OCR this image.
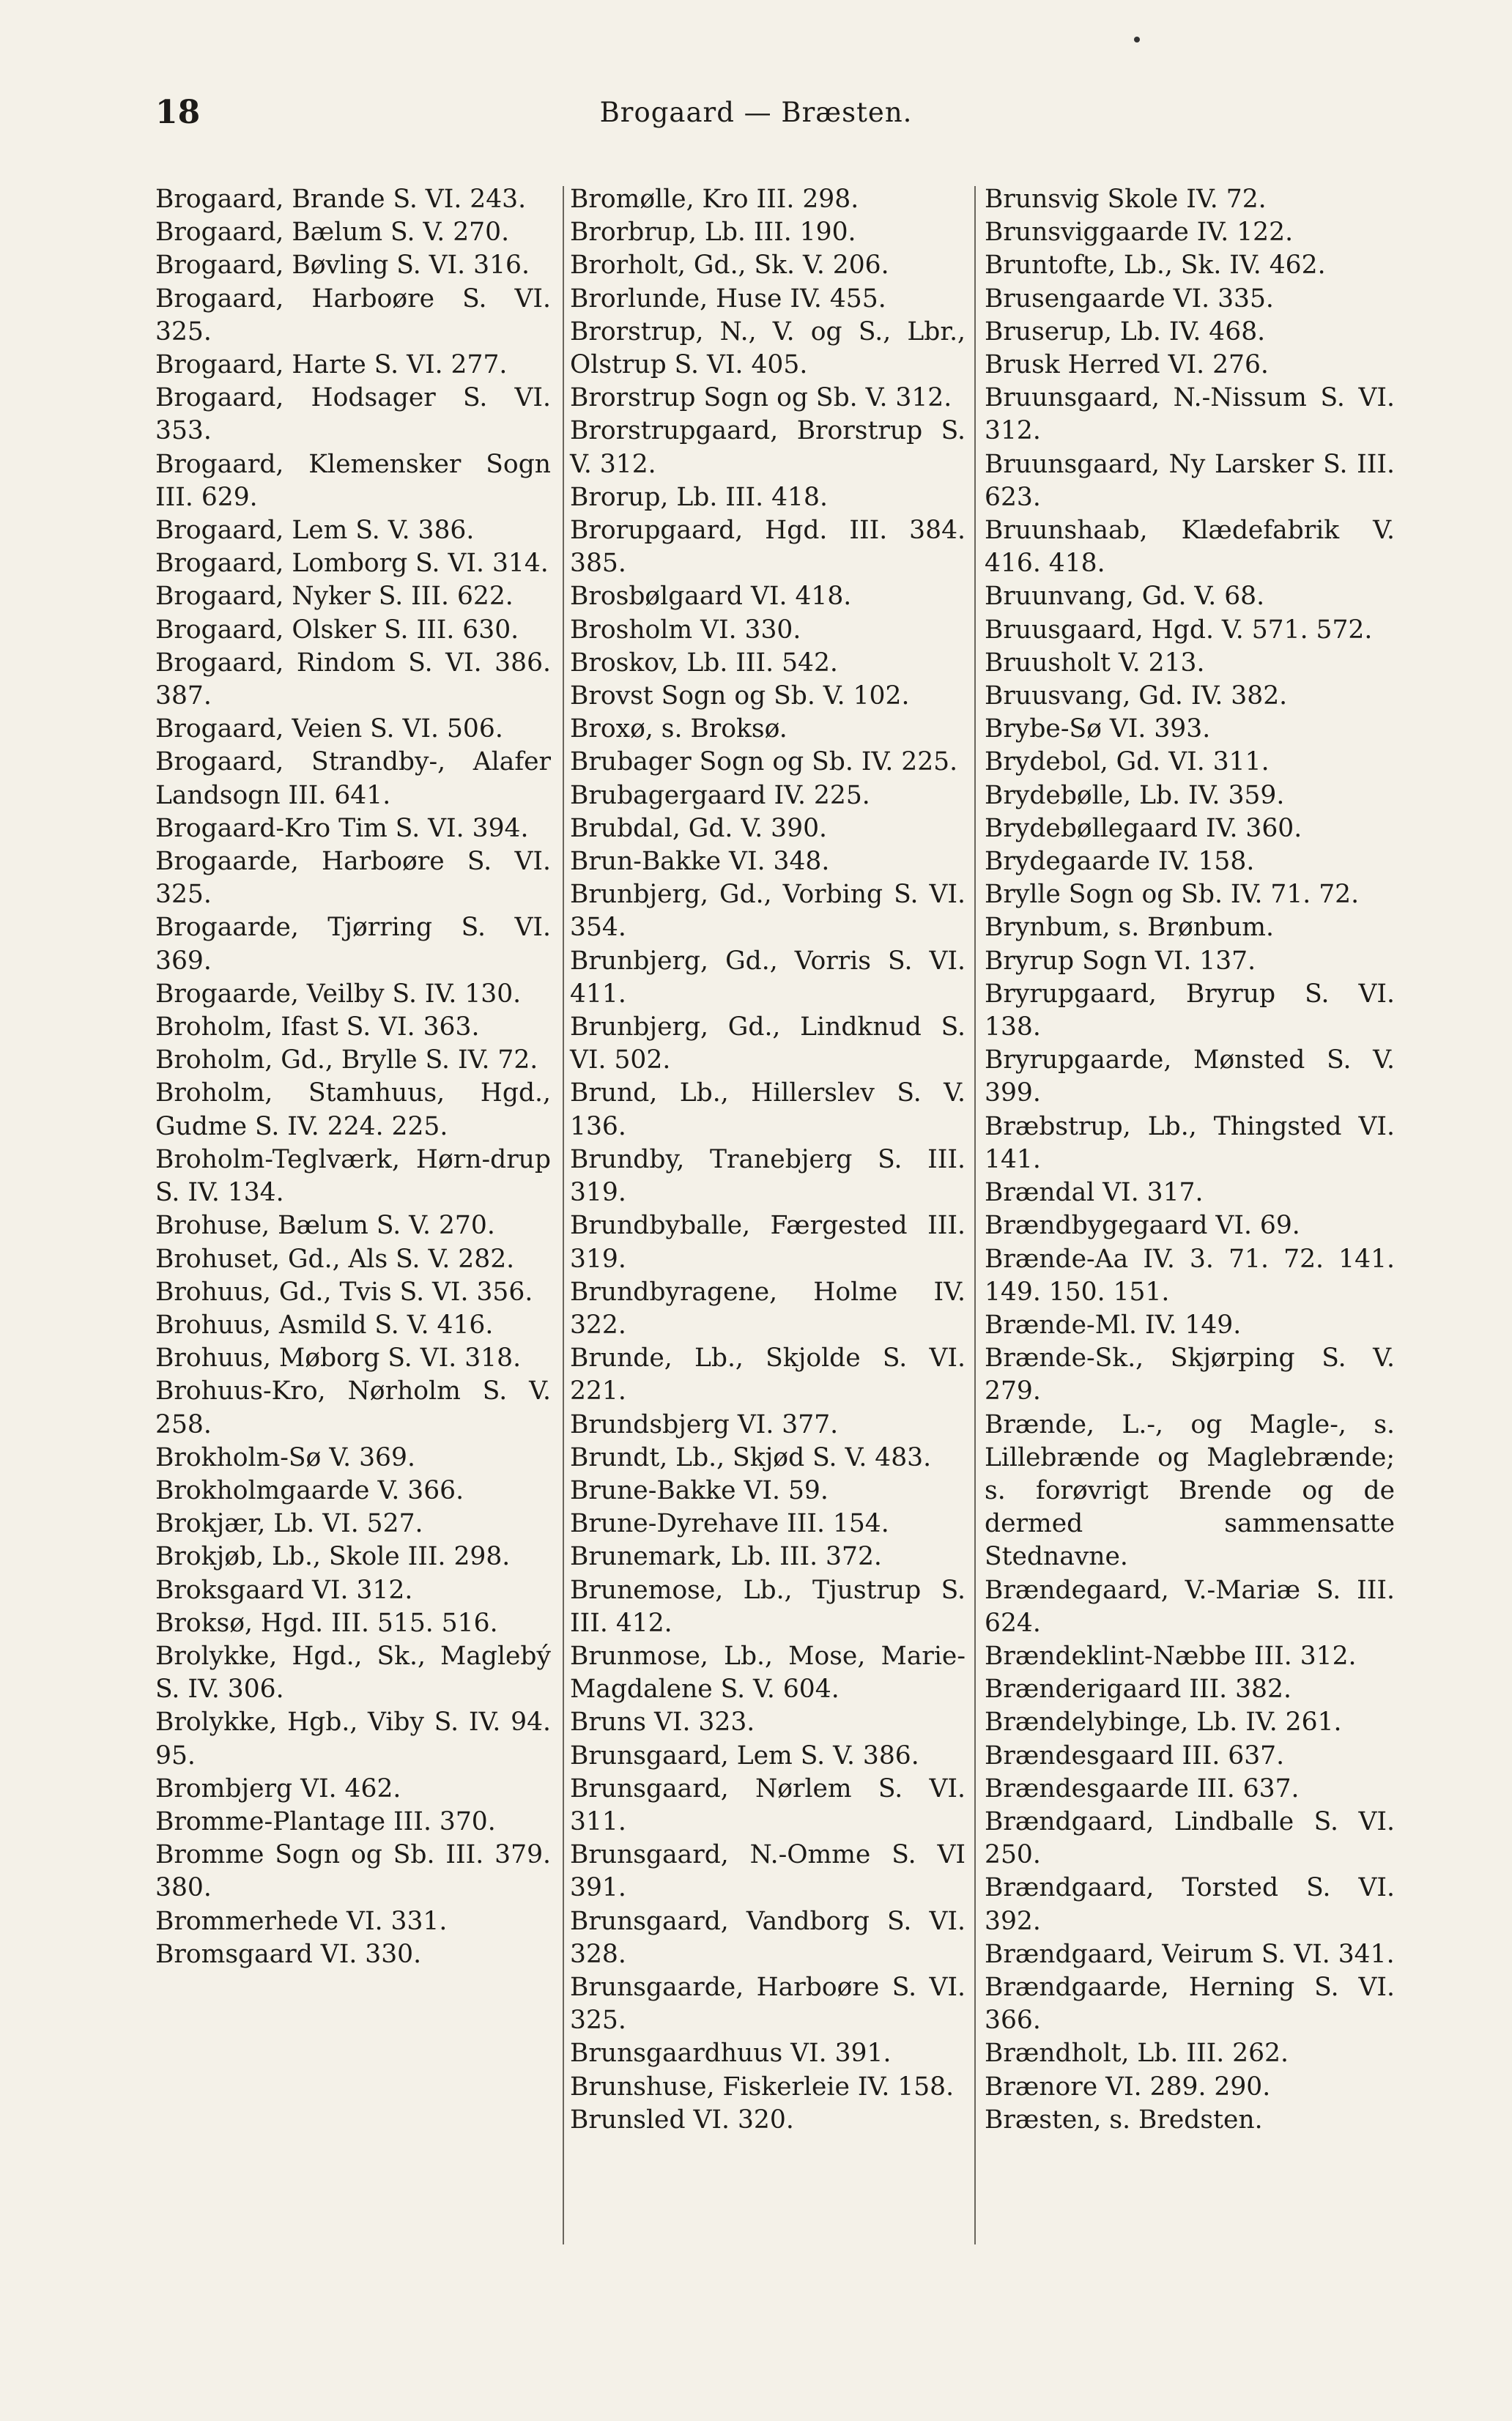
18	Brogaard — Bræsten.

Brogaard, Brande S. VI. 243.

Brogaard, Bælum S. V. 270.

Brogaard, Bøvling S. VI. 316.

Brogaard, Harboøre S. VI. 325.

Brogaard, Harte S. VI. 277.

Brogaard, Hodsager S. VI. 353.

Brogaard, Klemensker Sogn III. 629.

Brogaard, Lem S. V. 386.

Brogaard, Lomborg S. VI. 314.

Brogaard, Nyker S. III. 622.

Brogaard, Olsker S. III. 630.

Brogaard, Rindom S. VI. 386. 387.

Brogaard, Veien S. VI. 506.

Brogaard, Strandby-, Alafer Landsogn III. 641.

Brogaard-Kro Tim S. VI. 394.

Brogaarde, Harboøre S. VI. 325.

Brogaarde, Tjørring S. VI. 369.

Brogaarde, Veilby S. IV. 130.

Broholm, Ifast S. VI. 363.

Broholm, Gd., Brylle S. IV. 72.

Broholm, Stamhuus, Hgd., Gudme S. IV. 224. 225.

Broholm-Teglværk, Hørn-drup S. IV. 134.

Brohuse, Bælum S. V. 270.

Brohuset, Gd., Als S. V. 282.

Brohuus, Gd., Tvis S. VI. 356.

Brohuus, Asmild S. V. 416.

Brohuus, Møborg S. VI. 318.

Brohuus-Kro, Nørholm S. V. 258.

Brokholm-Sø V. 369.

Brokholmgaarde V. 366.

Brokjær, Lb. VI. 527.

Brokjøb, Lb., Skole III. 298.

Broksgaard VI. 312.

Broksø, Hgd. III. 515. 516.

Brolykke, Hgd., Sk., Maglebý S. IV. 306.

Brolykke, Hgb., Viby S. IV. 94. 95.

Brombjerg VI. 462.

Bromme-Plantage III. 370.

Bromme Sogn og Sb. III. 379. 380.

Brommerhede VI. 331.

Bromsgaard VI. 330.

Bromølle, Kro III. 298.

Brorbrup, Lb. III. 190.

Brorholt, Gd., Sk. V. 206.

Brorlunde, Huse IV. 455.

Brorstrup, N., V. og S., Lbr., Olstrup S. VI. 405.

Brorstrup Sogn og Sb. V. 312.

Brorstrupgaard, Brorstrup S. V. 312.

Brorup, Lb. III. 418.

Brorupgaard, Hgd. III. 384. 385.

Brosbølgaard VI. 418.

Brosholm VI. 330.

Broskov, Lb. III. 542.

Brovst Sogn og Sb. V. 102.

Broxø, s. Broksø.

Brubager Sogn og Sb. IV. 225.

Brubagergaard IV. 225.

Brubdal, Gd. V. 390.

Brun-Bakke VI. 348.

Brunbjerg, Gd., Vorbing S. VI. 354.

Brunbjerg, Gd., Vorris S. VI. 411.

Brunbjerg, Gd., Lindknud S. VI. 502.

Brund, Lb., Hillerslev S. V. 136.

Brundby, Tranebjerg S. III. 319.

Brundbyballe, Færgested III. 319.

Brundbyragene, Holme IV. 322.

Brunde, Lb., Skjolde S. VI. 221.

Brundsbjerg VI. 377.

Brundt, Lb., Skjød S. V. 483.

Brune-Bakke VI. 59.

Brune-Dyrehave III. 154.

Brunemark, Lb. III. 372.

Brunemose, Lb., Tjustrup S. III. 412.

Brunmose, Lb., Mose, Marie-Magdalene S. V. 604.

Bruns VI. 323.

Brunsgaard, Lem S. V. 386.

Brunsgaard, Nørlem S. VI. 311.

Brunsgaard, N.-Omme S. VI 391.

Brunsgaard, Vandborg S. VI. 328.

Brunsgaarde, Harboøre S. VI. 325.

Brunsgaardhuus VI. 391.

Brunshuse, Fiskerleie IV. 158.

Brunsled VI. 320.

Brunsvig Skole IV. 72.

Brunsviggaarde IV. 122.

Bruntofte, Lb., Sk. IV. 462.

Brusengaarde VI. 335.

Bruserup, Lb. IV. 468.

Brusk Herred VI. 276.

Bruunsgaard, N.-Nissum S. VI. 312.

Bruunsgaard, Ny Larsker S. III. 623.

Bruunshaab, Klædefabrik V. 416. 418.

Bruunvang, Gd. V. 68.

Bruusgaard, Hgd. V. 571. 572.

Bruusholt V. 213.

Bruusvang, Gd. IV. 382.

Brybe-Sø VI. 393.

Brydebol, Gd. VI. 311.

Brydebølle, Lb. IV. 359.

Brydebøllegaard IV. 360.

Brydegaarde IV. 158.

Brylle Sogn og Sb. IV. 71. 72.

Brynbum, s. Brønbum.

Bryrup Sogn VI. 137.

Bryrupgaard, Bryrup S. VI. 138.

Bryrupgaarde, Mønsted S. V. 399.

Bræbstrup, Lb., Thingsted VI. 141.

Brændal VI. 317.

Brændbygegaard VI. 69.

Brænde-Aa IV. 3. 71. 72. 141. 149. 150. 151.

Brænde-Ml. IV. 149.

Brænde-Sk., Skjørping S. V. 279.

Brænde, L.-, og Magle-, s. Lillebrænde og Maglebrænde; s. forøvrigt Brende og de dermed sammensatte Stednavne.

Brændegaard, V.-Mariæ S. III. 624.

Brændeklint-Næbbe III. 312.

Brænderigaard III. 382.

Brændelybinge, Lb. IV. 261.

Brændesgaard III. 637.

Brændesgaarde III. 637.

Brændgaard, Lindballe S. VI. 250.

Brændgaard, Torsted S. VI. 392.

Brændgaard, Veirum S. VI. 341.

Brændgaarde, Herning S. VI. 366.

Brændholt, Lb. III. 262.

Brænore VI. 289. 290.

Bræsten, s. Bredsten.
